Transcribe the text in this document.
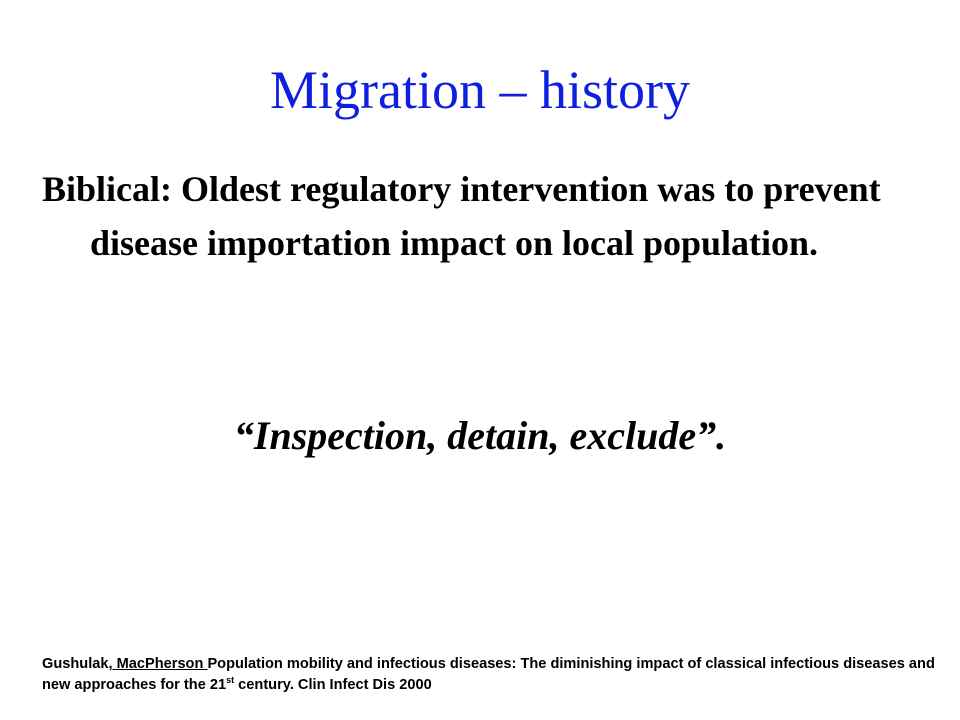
Migration – history
Biblical: Oldest regulatory intervention was to prevent disease importation impact on local population.
“Inspection, detain, exclude”.
Gushulak, MacPherson Population mobility and infectious diseases: The diminishing impact of classical infectious diseases and new approaches for the 21st century. Clin Infect Dis 2000
